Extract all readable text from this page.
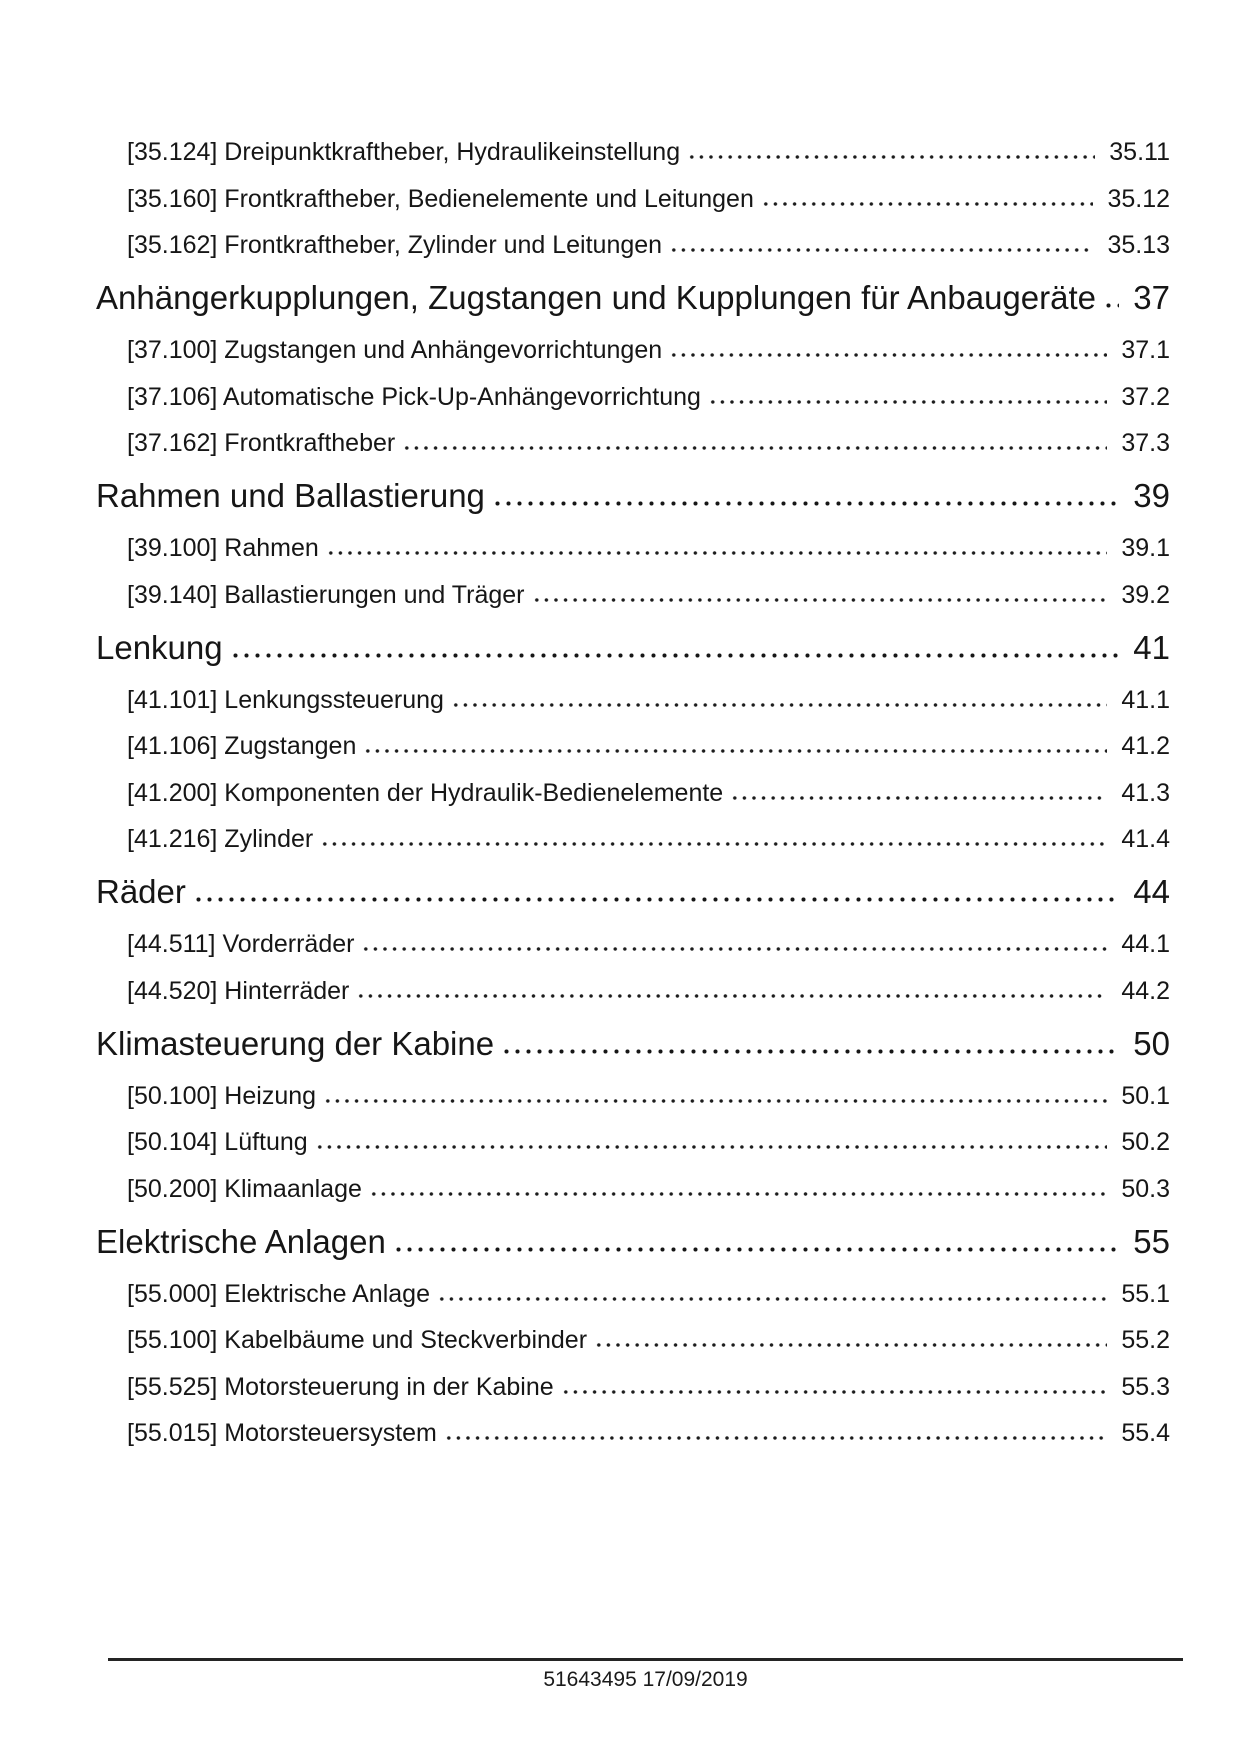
[35.124] Dreipunktkraftheber, Hydraulikeinstellung	35.11
[35.160] Frontkraftheber, Bedienelemente und Leitungen	35.12
[35.162] Frontkraftheber, Zylinder und Leitungen	35.13
Anhängerkupplungen, Zugstangen und Kupplungen für Anbaugeräte 37
[37.100] Zugstangen und Anhängevorrichtungen	37.1
[37.106] Automatische Pick-Up-Anhängevorrichtung	37.2
[37.162] Frontkraftheber	37.3
Rahmen und Ballastierung	39
[39.100] Rahmen	39.1
[39.140] Ballastierungen und Träger	39.2
Lenkung	41
[41.101] Lenkungssteuerung	41.1
[41.106] Zugstangen	41.2
[41.200] Komponenten der Hydraulik-Bedienelemente	41.3
[41.216] Zylinder	41.4
Räder	44
[44.511] Vorderräder	44.1
[44.520] Hinterräder	44.2
Klimasteuerung der Kabine	50
[50.100] Heizung	50.1
[50.104] Lüftung	50.2
[50.200] Klimaanlage	50.3
Elektrische Anlagen	55
[55.000] Elektrische Anlage	55.1
[55.100] Kabelbäume und Steckverbinder	55.2
[55.525] Motorsteuerung in der Kabine	55.3
[55.015] Motorsteuersystem	55.4
51643495 17/09/2019
